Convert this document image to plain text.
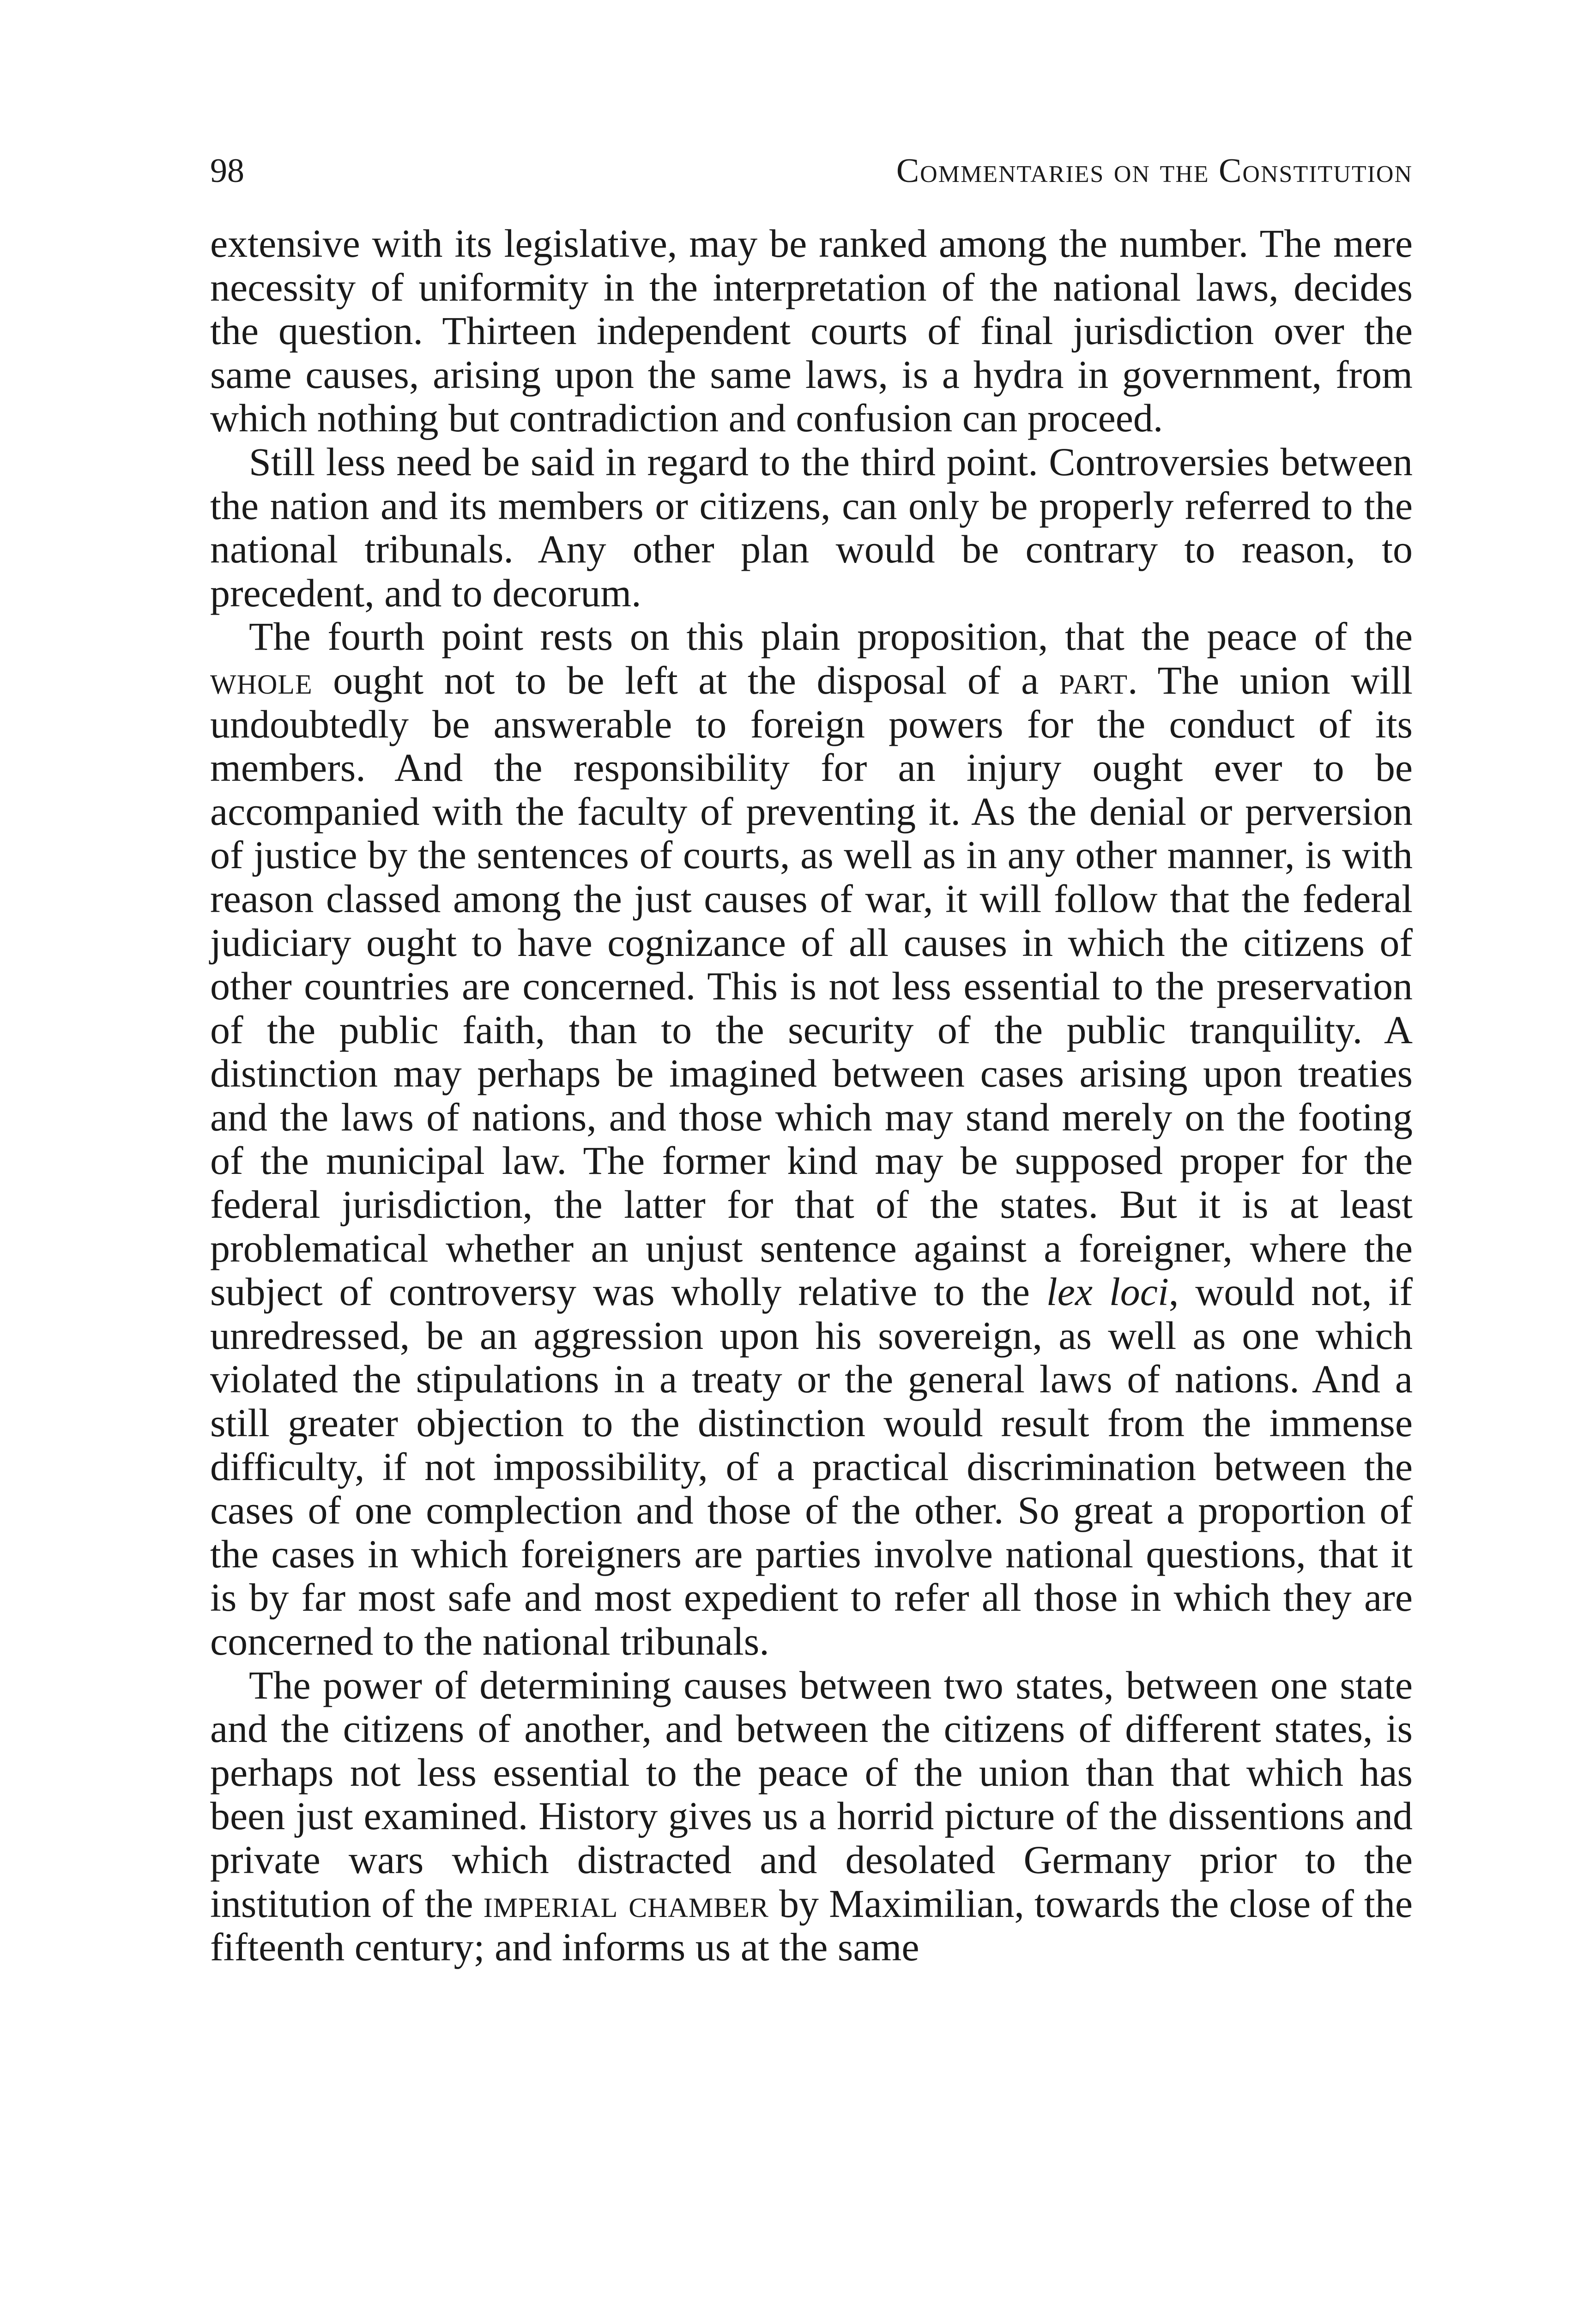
98	Commentaries on the Constitution

extensive with its legislative, may be ranked among the number. The mere necessity of uniformity in the interpretation of the national laws, decides the question. Thirteen independent courts of final jurisdiction over the same causes, arising upon the same laws, is a hydra in government, from which nothing but contradiction and confusion can proceed.

Still less need be said in regard to the third point. Controversies between the nation and its members or citizens, can only be properly referred to the national tribunals. Any other plan would be contrary to reason, to precedent, and to decorum.

The fourth point rests on this plain proposition, that the peace of the whole ought not to be left at the disposal of a part. The union will undoubtedly be answerable to foreign powers for the conduct of its members. And the responsibility for an injury ought ever to be accompanied with the faculty of preventing it. As the denial or perversion of justice by the sentences of courts, as well as in any other manner, is with reason classed among the just causes of war, it will follow that the federal judiciary ought to have cognizance of all causes in which the citizens of other countries are concerned. This is not less essential to the preservation of the public faith, than to the security of the public tranquility. A distinction may perhaps be imagined between cases arising upon treaties and the laws of nations, and those which may stand merely on the footing of the municipal law. The former kind may be supposed proper for the federal jurisdiction, the latter for that of the states. But it is at least problematical whether an unjust sentence against a foreigner, where the subject of controversy was wholly relative to the lex loci, would not, if unredressed, be an aggression upon his sovereign, as well as one which violated the stipulations in a treaty or the general laws of nations. And a still greater objection to the distinction would result from the immense difficulty, if not impossibility, of a practical discrimination between the cases of one complection and those of the other. So great a proportion of the cases in which foreigners are parties involve national questions, that it is by far most safe and most expedient to refer all those in which they are concerned to the national tribunals.

The power of determining causes between two states, between one state and the citizens of another, and between the citizens of different states, is perhaps not less essential to the peace of the union than that which has been just examined. History gives us a horrid picture of the dissentions and private wars which distracted and desolated Germany prior to the institution of the imperial chamber by Maximilian, towards the close of the fifteenth century; and informs us at the same
